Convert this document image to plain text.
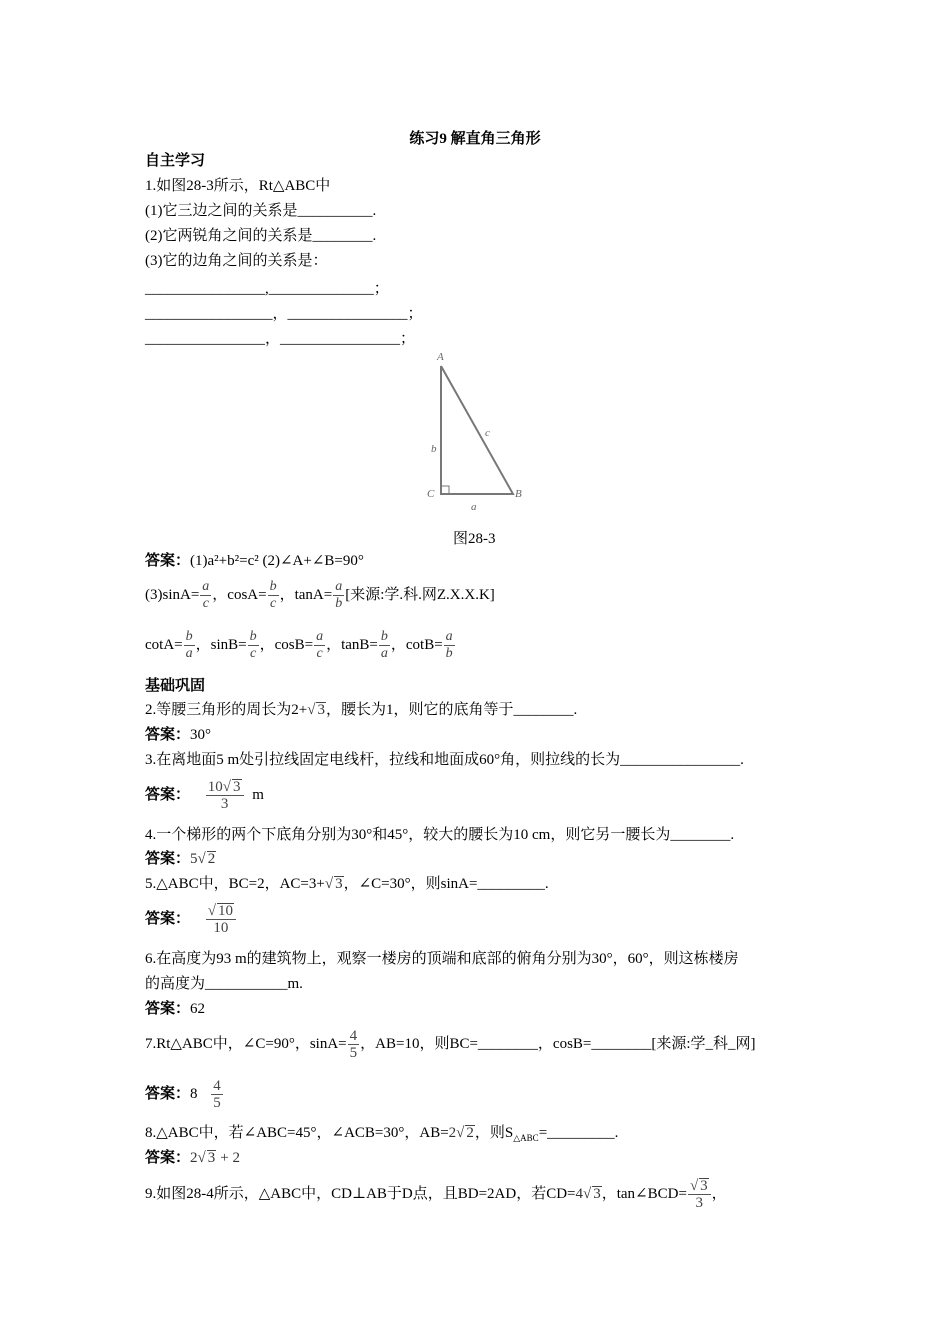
练习9 解直角三角形
自主学习
1.如图28-3所示，Rt△ABC中
(1)它三边之间的关系是__________.
(2)它两锐角之间的关系是________.
(3)它的边角之间的关系是：
________________,______________；
_________________，________________；
________________，________________；
A
B
C
a
b
c
图28-3
答案：(1)a²+b²=c² (2)∠A+∠B=90°
$(3)\sin A= \frac{a}{c}$ ，$\cos A= \frac{b}{c}$ ，$\tan A= \frac{a}{b}$ [来源:学.科.网Z.X.X.K]
$\cot A= \frac{b}{a}$ ，$\sin B= \frac{b}{c}$ ，$\cos B= \frac{a}{c}$ ，$\tan B= \frac{b}{a}$ ，$\cot B= \frac{a}{b}$
基础巩固
2.等腰三角形的周长为2+√ 3，腰长为1，则它的底角等于________.
答案：30°
3.在离地面5 m处引拉线固定电线杆，拉线和地面成60°角，则拉线的长为________________.
答案： $\frac{10√ 3}{3}$ m
4.一个梯形的两个下底角分别为30°和45°，较大的腰长为10 cm，则它另一腰长为________.
答案：5√ 2
5.△ABC中，BC=2，AC=3+√ 3，∠C=30°，则sinA=_________.
答案： $\frac{√ 10}{10}$
6.在高度为93 m的建筑物上，观察一楼房的顶端和底部的俯角分别为30°，60°，则这栋楼房
的高度为___________m.
答案：62
7.Rt△ABC中，∠C=90°，$\sin A= \frac{4}{5}$ ，AB=10，则BC=________，cosB=________[来源:学_科_网]
答案：$8 \frac{4}{5}$
8.△ABC中，若∠ABC=45°，∠ACB=30°，AB=2√ 2，则$S_{\triangle ABC}=\_\_\_\_\_\_\_\_\_$.
答案：2√ 3 + 2
9.如图28-4所示，△ABC中，CD⊥AB于D点，且BD=2AD，若CD=4√ 3，tan∠BCD= $\frac{√ 3}{3}$ ，
